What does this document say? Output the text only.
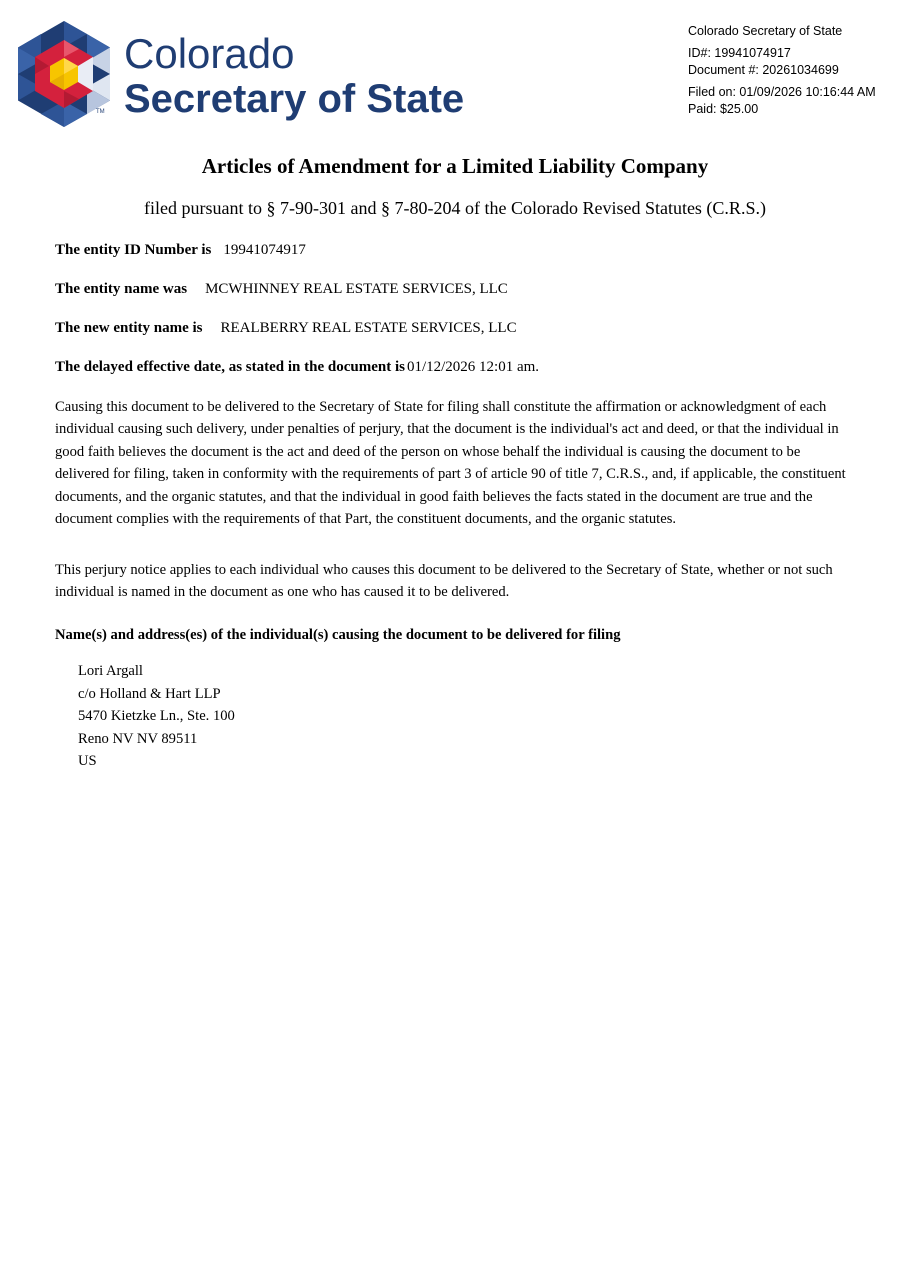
TM
Colorado
Secretary of State
Colorado Secretary of State
ID#: 19941074917
Document #: 20261034699
Filed on: 01/09/2026 10:16:44 AM
Paid: $25.00
Articles of Amendment for a Limited Liability Company

filed pursuant to § 7-90-301 and § 7-80-204 of the Colorado Revised Statutes (C.R.S.)

The entity ID Number is 19941074917
The entity name was MCWHINNEY REAL ESTATE SERVICES, LLC
The new entity name is REALBERRY REAL ESTATE SERVICES, LLC
The delayed effective date, as stated in the document is 01/12/2026 12:01 am.

Causing this document to be delivered to the Secretary of State for filing shall constitute the affirmation or acknowledgment of each individual causing such delivery, under penalties of perjury, that the document is the individual's act and deed, or that the individual in good faith believes the document is the act and deed of the person on whose behalf the individual is causing the document to be delivered for filing, taken in conformity with the requirements of part 3 of article 90 of title 7, C.R.S., and, if applicable, the constituent documents, and the organic statutes, and that the individual in good faith believes the facts stated in the document are true and the document complies with the requirements of that Part, the constituent documents, and the organic statutes.

This perjury notice applies to each individual who causes this document to be delivered to the Secretary of State, whether or not such individual is named in the document as one who has caused it to be delivered.

Name(s) and address(es) of the individual(s) causing the document to be delivered for filing

Lori Argall
c/o Holland & Hart LLP
5470 Kietzke Ln., Ste. 100
Reno NV NV 89511
US
